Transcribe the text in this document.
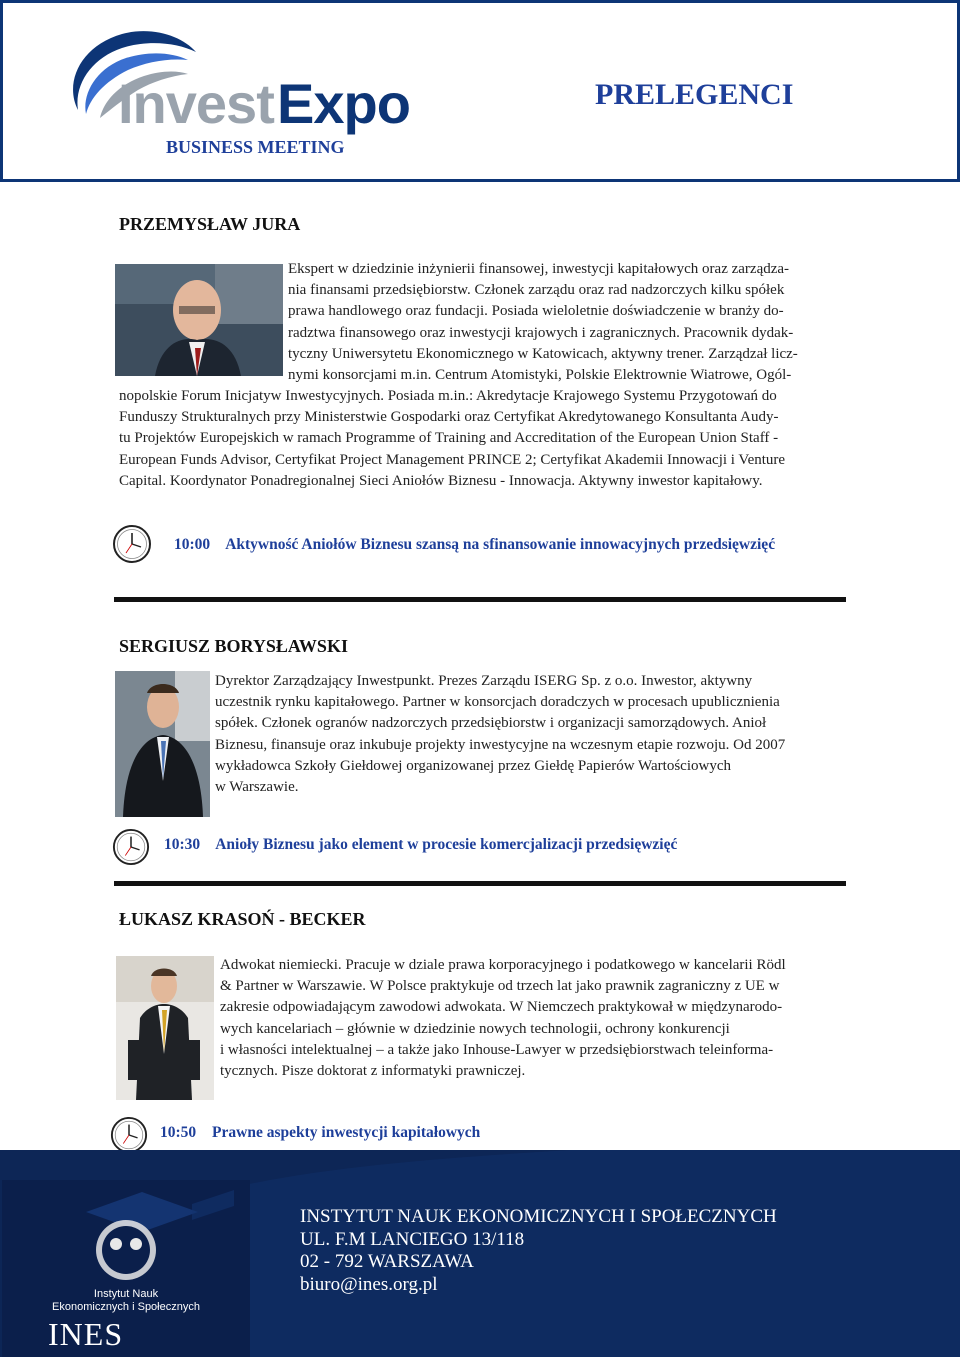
Invest Expo
BUSINESS MEETING
PRELEGENCI
PRZEMYSŁAW JURA
Ekspert w dziedzinie inżynierii finansowej, inwestycji kapitałowych oraz zarządza-
nia finansami przedsiębiorstw. Członek zarządu oraz rad nadzorczych kilku spółek
prawa handlowego oraz fundacji. Posiada wieloletnie doświadczenie w branży do-
radztwa finansowego oraz inwestycji krajowych i zagranicznych. Pracownik dydak-
tyczny Uniwersytetu Ekonomicznego w Katowicach, aktywny trener. Zarządzał licz-
nymi konsorcjami m.in. Centrum Atomistyki, Polskie Elektrownie Wiatrowe, Ogól-
nopolskie Forum Inicjatyw Inwestycyjnych. Posiada m.in.: Akredytacje Krajowego Systemu Przygotowań do
Funduszy Strukturalnych przy Ministerstwie Gospodarki oraz Certyfikat Akredytowanego Konsultanta Audy-
tu Projektów Europejskich w ramach Programme of Training and Accreditation of the European Union Staff -
European Funds Advisor, Certyfikat Project Management PRINCE 2; Certyfikat Akademii Innowacji i Venture
Capital. Koordynator Ponadregionalnej Sieci Aniołów Biznesu - Innowacja. Aktywny inwestor kapitałowy.
10:00 Aktywność Aniołów Biznesu szansą na sfinansowanie innowacyjnych przedsięwzięć
SERGIUSZ BORYSŁAWSKI
Dyrektor Zarządzający Inwestpunkt. Prezes Zarządu ISERG Sp. z o.o. Inwestor, aktywny
uczestnik rynku kapitałowego. Partner w konsorcjach doradczych w procesach upublicznienia
spółek. Członek ogranów nadzorczych przedsiębiorstw i organizacji samorządowych. Anioł
Biznesu, finansuje oraz inkubuje projekty inwestycyjne na wczesnym etapie rozwoju. Od 2007
wykładowca Szkoły Giełdowej organizowanej przez Giełdę Papierów Wartościowych
w Warszawie.
10:30 Anioły Biznesu jako element w procesie komercjalizacji przedsięwzięć
ŁUKASZ KRASOŃ - BECKER
Adwokat niemiecki. Pracuje w dziale prawa korporacyjnego i podatkowego w kancelarii Rödl
& Partner w Warszawie. W Polsce praktykuje od trzech lat jako prawnik zagraniczny z UE w
zakresie odpowiadającym zawodowi adwokata. W Niemczech praktykował w międzynarodo-
wych kancelariach – głównie w dziedzinie nowych technologii, ochrony konkurencji
i własności intelektualnej – a także jako Inhouse-Lawyer w przedsiębiorstwach teleinforma-
tycznych. Pisze doktorat z informatyki prawniczej.
10:50 Prawne aspekty inwestycji kapitałowych
Instytut Nauk
Ekonomicznych i Społecznych
INES
INSTYTUT NAUK EKONOMICZNYCH I SPOŁECZNYCH
UL. F.M LANCIEGO 13/118
02 - 792 WARSZAWA
biuro@ines.org.pl
